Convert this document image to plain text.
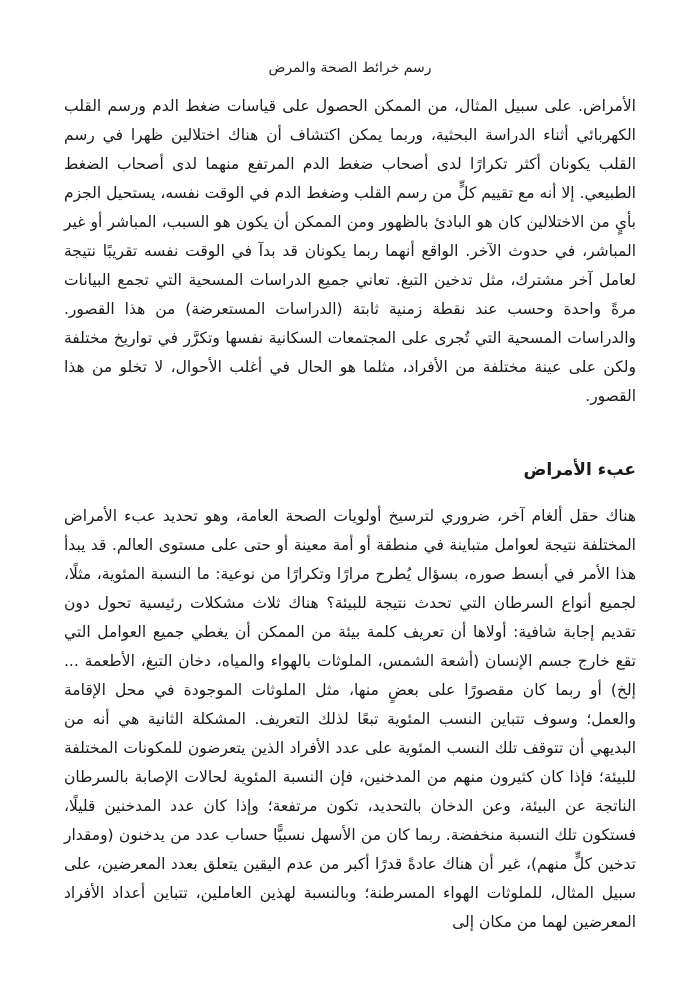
رسم خرائط الصحة والمرض

الأمراض. على سبيل المثال، من الممكن الحصول على قياسات ضغط الدم ورسم القلب الكهربائي أثناء الدراسة البحثية، وربما يمكن اكتشاف أن هناك اختلالين ظهرا في رسم القلب يكونان أكثر تكرارًا لدى أصحاب ضغط الدم المرتفع منهما لدى أصحاب الضغط الطبيعي. إلا أنه مع تقييم كلٍّ من رسم القلب وضغط الدم في الوقت نفسه، يستحيل الجزم بأيٍ من الاختلالين كان هو البادئ بالظهور ومن الممكن أن يكون هو السبب، المباشر أو غير المباشر، في حدوث الآخر. الواقع أنهما ربما يكونان قد بدآ في الوقت نفسه تقريبًا نتيجة لعامل آخر مشترك، مثل تدخين التبغ. تعاني جميع الدراسات المسحية التي تجمع البيانات مرةً واحدة وحسب عند نقطة زمنية ثابتة (الدراسات المستعرضة) من هذا القصور. والدراسات المسحية التي تُجرى على المجتمعات السكانية نفسها وتكرَّر في تواريخ مختلفة ولكن على عينة مختلفة من الأفراد، مثلما هو الحال في أغلب الأحوال، لا تخلو من هذا القصور.

عبء الأمراض

هناك حقل ألغام آخر، ضروري لترسيخ أولويات الصحة العامة، وهو تحديد عبء الأمراض المختلفة نتيجة لعوامل متباينة في منطقة أو أمة معينة أو حتى على مستوى العالم. قد يبدأ هذا الأمر في أبسط صوره، بسؤال يُطرح مرارًا وتكرارًا من نوعية: ما النسبة المئوية، مثلًا، لجميع أنواع السرطان التي تحدث نتيجة للبيئة؟ هناك ثلاث مشكلات رئيسية تحول دون تقديم إجابة شافية: أولاها أن تعريف كلمة بيئة من الممكن أن يغطي جميع العوامل التي تقع خارج جسم الإنسان (أشعة الشمس، الملوثات بالهواء والمياه، دخان التبغ، الأطعمة ... إلخ) أو ربما كان مقصورًا على بعضٍ منها، مثل الملوثات الموجودة في محل الإقامة والعمل؛ وسوف تتباين النسب المئوية تبعًا لذلك التعريف. المشكلة الثانية هي أنه من البديهي أن تتوقف تلك النسب المئوية على عدد الأفراد الذين يتعرضون للمكونات المختلفة للبيئة؛ فإذا كان كثيرون منهم من المدخنين، فإن النسبة المئوية لحالات الإصابة بالسرطان الناتجة عن البيئة، وعن الدخان بالتحديد، تكون مرتفعة؛ وإذا كان عدد المدخنين قليلًا، فستكون تلك النسبة منخفضة. ربما كان من الأسهل نسبيًّا حساب عدد من يدخنون (ومقدار تدخين كلٍّ منهم)، غير أن هناك عادةً قدرًا أكبر من عدم اليقين يتعلق بعدد المعرضين، على سبيل المثال، للملوثات الهواء المسرطنة؛ وبالنسبة لهذين العاملين، تتباين أعداد الأفراد المعرضين لهما من مكان إلى
